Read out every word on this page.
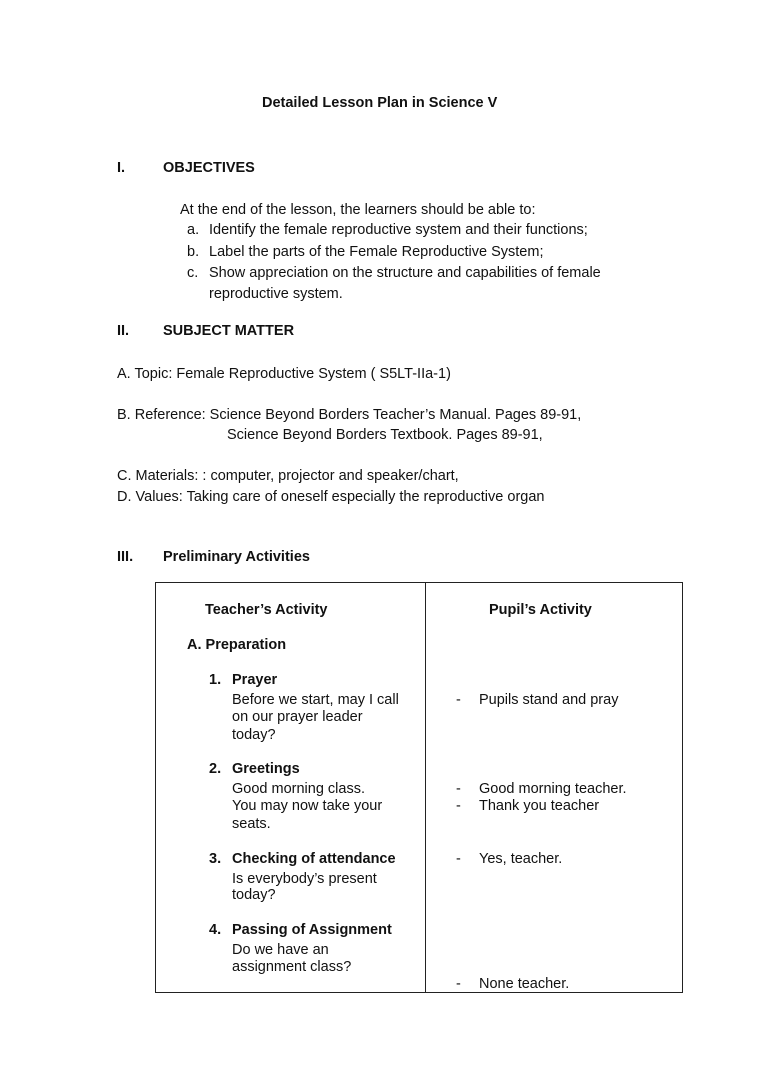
Detailed Lesson Plan in Science V
I.	OBJECTIVES
At the end of the lesson, the learners should be able to:
a. Identify the female reproductive system and their functions;
b. Label the parts of the Female Reproductive System;
c. Show appreciation on the structure and capabilities of female
reproductive system.
II. SUBJECT MATTER
A. Topic: Female Reproductive System ( S5LT-IIa-1)
B. Reference: Science Beyond Borders Teacher’s Manual. Pages 89-91,
Science Beyond Borders Textbook. Pages 89-91,
C. Materials: : computer, projector and speaker/chart,
D. Values: Taking care of oneself especially the reproductive organ
III. Preliminary Activities
Teacher’s Activity	Pupil’s Activity
A. Preparation
1. Prayer
Before we start, may I call
on our prayer leader
today?
2. Greetings
Good morning class.
You may now take your
seats.
3. Checking of attendance
Is everybody’s present
today?
4. Passing of Assignment
Do we have an
assignment class?
- Pupils stand and pray
- Good morning teacher.
- Thank you teacher
- Yes, teacher.
- None teacher.
